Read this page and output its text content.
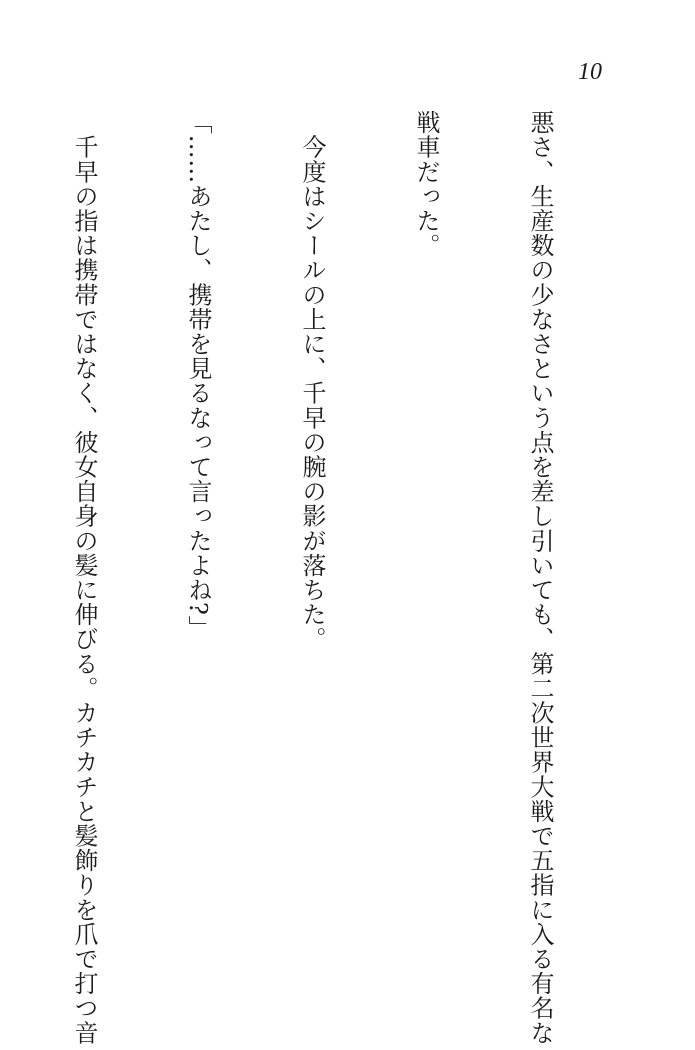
10

悪さ、生産数の少なさという点を差し引いても、第二次世界大戦で五指に入る有名な

戦車だった。

　今度はシールの上に、千早の腕の影が落ちた。

「……あたし、携帯を見るなって言ったよね?」

　千早の指は携帯ではなく、彼女自身の髪に伸びる。カチカチと髪飾りを爪で打つ音
